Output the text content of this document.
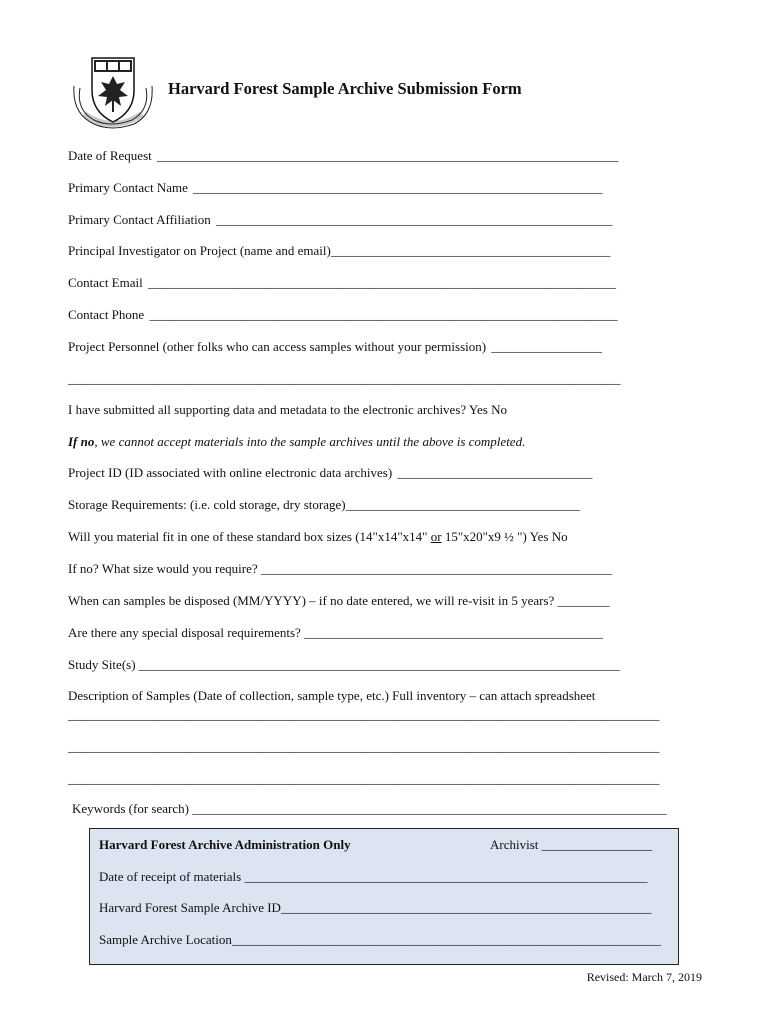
Harvard Forest Sample Archive Submission Form
Date of Request _______________________________________________________________________
Primary Contact Name _______________________________________________________________
Primary Contact Affiliation _____________________________________________________________
Principal Investigator on Project (name and email)___________________________________________
Contact Email ________________________________________________________________________
Contact Phone ________________________________________________________________________
Project Personnel (other folks who can access samples without your permission) _________________
_____________________________________________________________________________________
I have submitted all supporting data and metadata to the electronic archives? Yes No
If no, we cannot accept materials into the sample archives until the above is completed.
Project ID (ID associated with online electronic data archives) ______________________________
Storage Requirements: (i.e. cold storage, dry storage)____________________________________
Will you material fit in one of these standard box sizes (14"x14"x14" or 15"x20"x9 ½ ") Yes No
If no? What size would you require? ______________________________________________________
When can samples be disposed (MM/YYYY) – if no date entered, we will re-visit in 5 years? ________
Are there any special disposal requirements? ______________________________________________
Study Site(s) __________________________________________________________________________
Description of Samples (Date of collection, sample type, etc.) Full inventory – can attach spreadsheet
___________________________________________________________________________________________
___________________________________________________________________________________________
___________________________________________________________________________________________
Keywords (for search) _________________________________________________________________________
Harvard Forest Archive Administration Only	Archivist _________________
Date of receipt of materials ______________________________________________________________
Harvard Forest Sample Archive ID_________________________________________________________
Sample Archive Location__________________________________________________________________
Revised: March 7, 2019
